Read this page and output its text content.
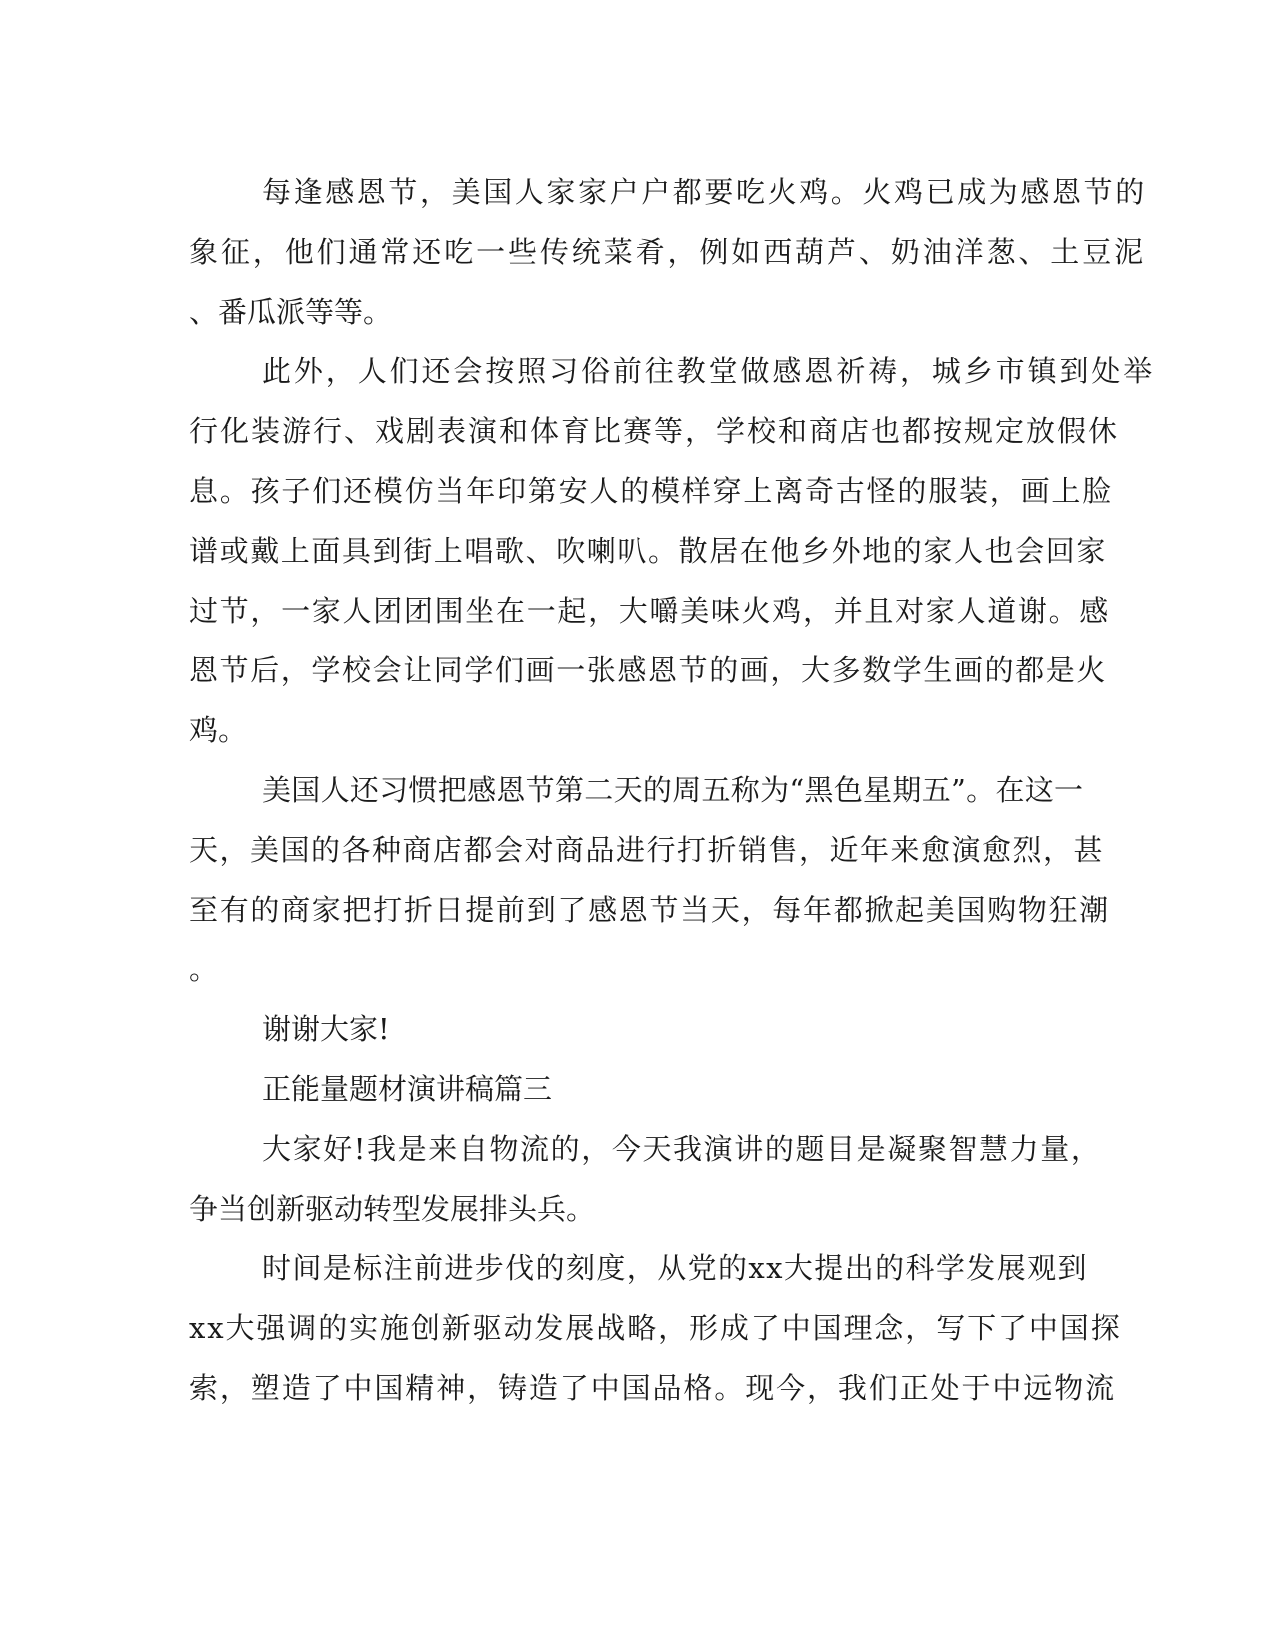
每逢感恩节，美国人家家户户都要吃火鸡。火鸡已成为感恩节的
象征，他们通常还吃一些传统菜肴，例如西葫芦、奶油洋葱、土豆泥
、番瓜派等等。
此外，人们还会按照习俗前往教堂做感恩祈祷，城乡市镇到处举
行化装游行、戏剧表演和体育比赛等，学校和商店也都按规定放假休
息。孩子们还模仿当年印第安人的模样穿上离奇古怪的服装，画上脸
谱或戴上面具到街上唱歌、吹喇叭。散居在他乡外地的家人也会回家
过节，一家人团团围坐在一起，大嚼美味火鸡，并且对家人道谢。感
恩节后，学校会让同学们画一张感恩节的画，大多数学生画的都是火
鸡。
美国人还习惯把感恩节第二天的周五称为“黑色星期五”。在这一
天，美国的各种商店都会对商品进行打折销售，近年来愈演愈烈，甚
至有的商家把打折日提前到了感恩节当天，每年都掀起美国购物狂潮
。
谢谢大家!
正能量题材演讲稿篇三
大家好!我是来自物流的，今天我演讲的题目是凝聚智慧力量，
争当创新驱动转型发展排头兵。
时间是标注前进步伐的刻度，从党的xx大提出的科学发展观到
xx大强调的实施创新驱动发展战略，形成了中国理念，写下了中国探
索，塑造了中国精神，铸造了中国品格。现今，我们正处于中远物流
